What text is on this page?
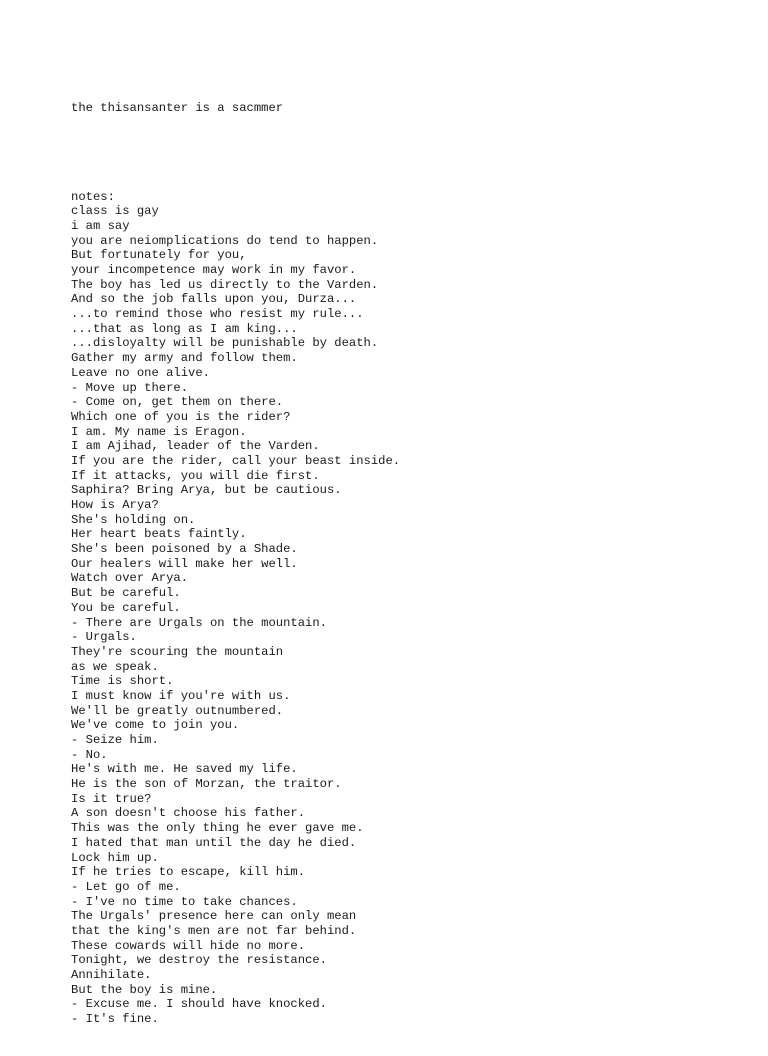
the thisansanter is a sacmmer

notes:
class is gay
i am say
you are neiomplications do tend to happen.
But fortunately for you,
your incompetence may work in my favor.
The boy has led us directly to the Varden.
And so the job falls upon you, Durza...
...to remind those who resist my rule...
...that as long as I am king...
...disloyalty will be punishable by death.
Gather my army and follow them.
Leave no one alive.
- Move up there.
- Come on, get them on there.
Which one of you is the rider?
I am. My name is Eragon.
I am Ajihad, leader of the Varden.
If you are the rider, call your beast inside.
If it attacks, you will die first.
Saphira? Bring Arya, but be cautious.
How is Arya?
She's holding on.
Her heart beats faintly.
She's been poisoned by a Shade.
Our healers will make her well.
Watch over Arya.
But be careful.
You be careful.
- There are Urgals on the mountain.
- Urgals.
They're scouring the mountain
as we speak.
Time is short.
I must know if you're with us.
We'll be greatly outnumbered.
We've come to join you.
- Seize him.
- No.
He's with me. He saved my life.
He is the son of Morzan, the traitor.
Is it true?
A son doesn't choose his father.
This was the only thing he ever gave me.
I hated that man until the day he died.
Lock him up.
If he tries to escape, kill him.
- Let go of me.
- I've no time to take chances.
The Urgals' presence here can only mean
that the king's men are not far behind.
These cowards will hide no more.
Tonight, we destroy the resistance.
Annihilate.
But the boy is mine.
- Excuse me. I should have knocked.
- It's fine.
